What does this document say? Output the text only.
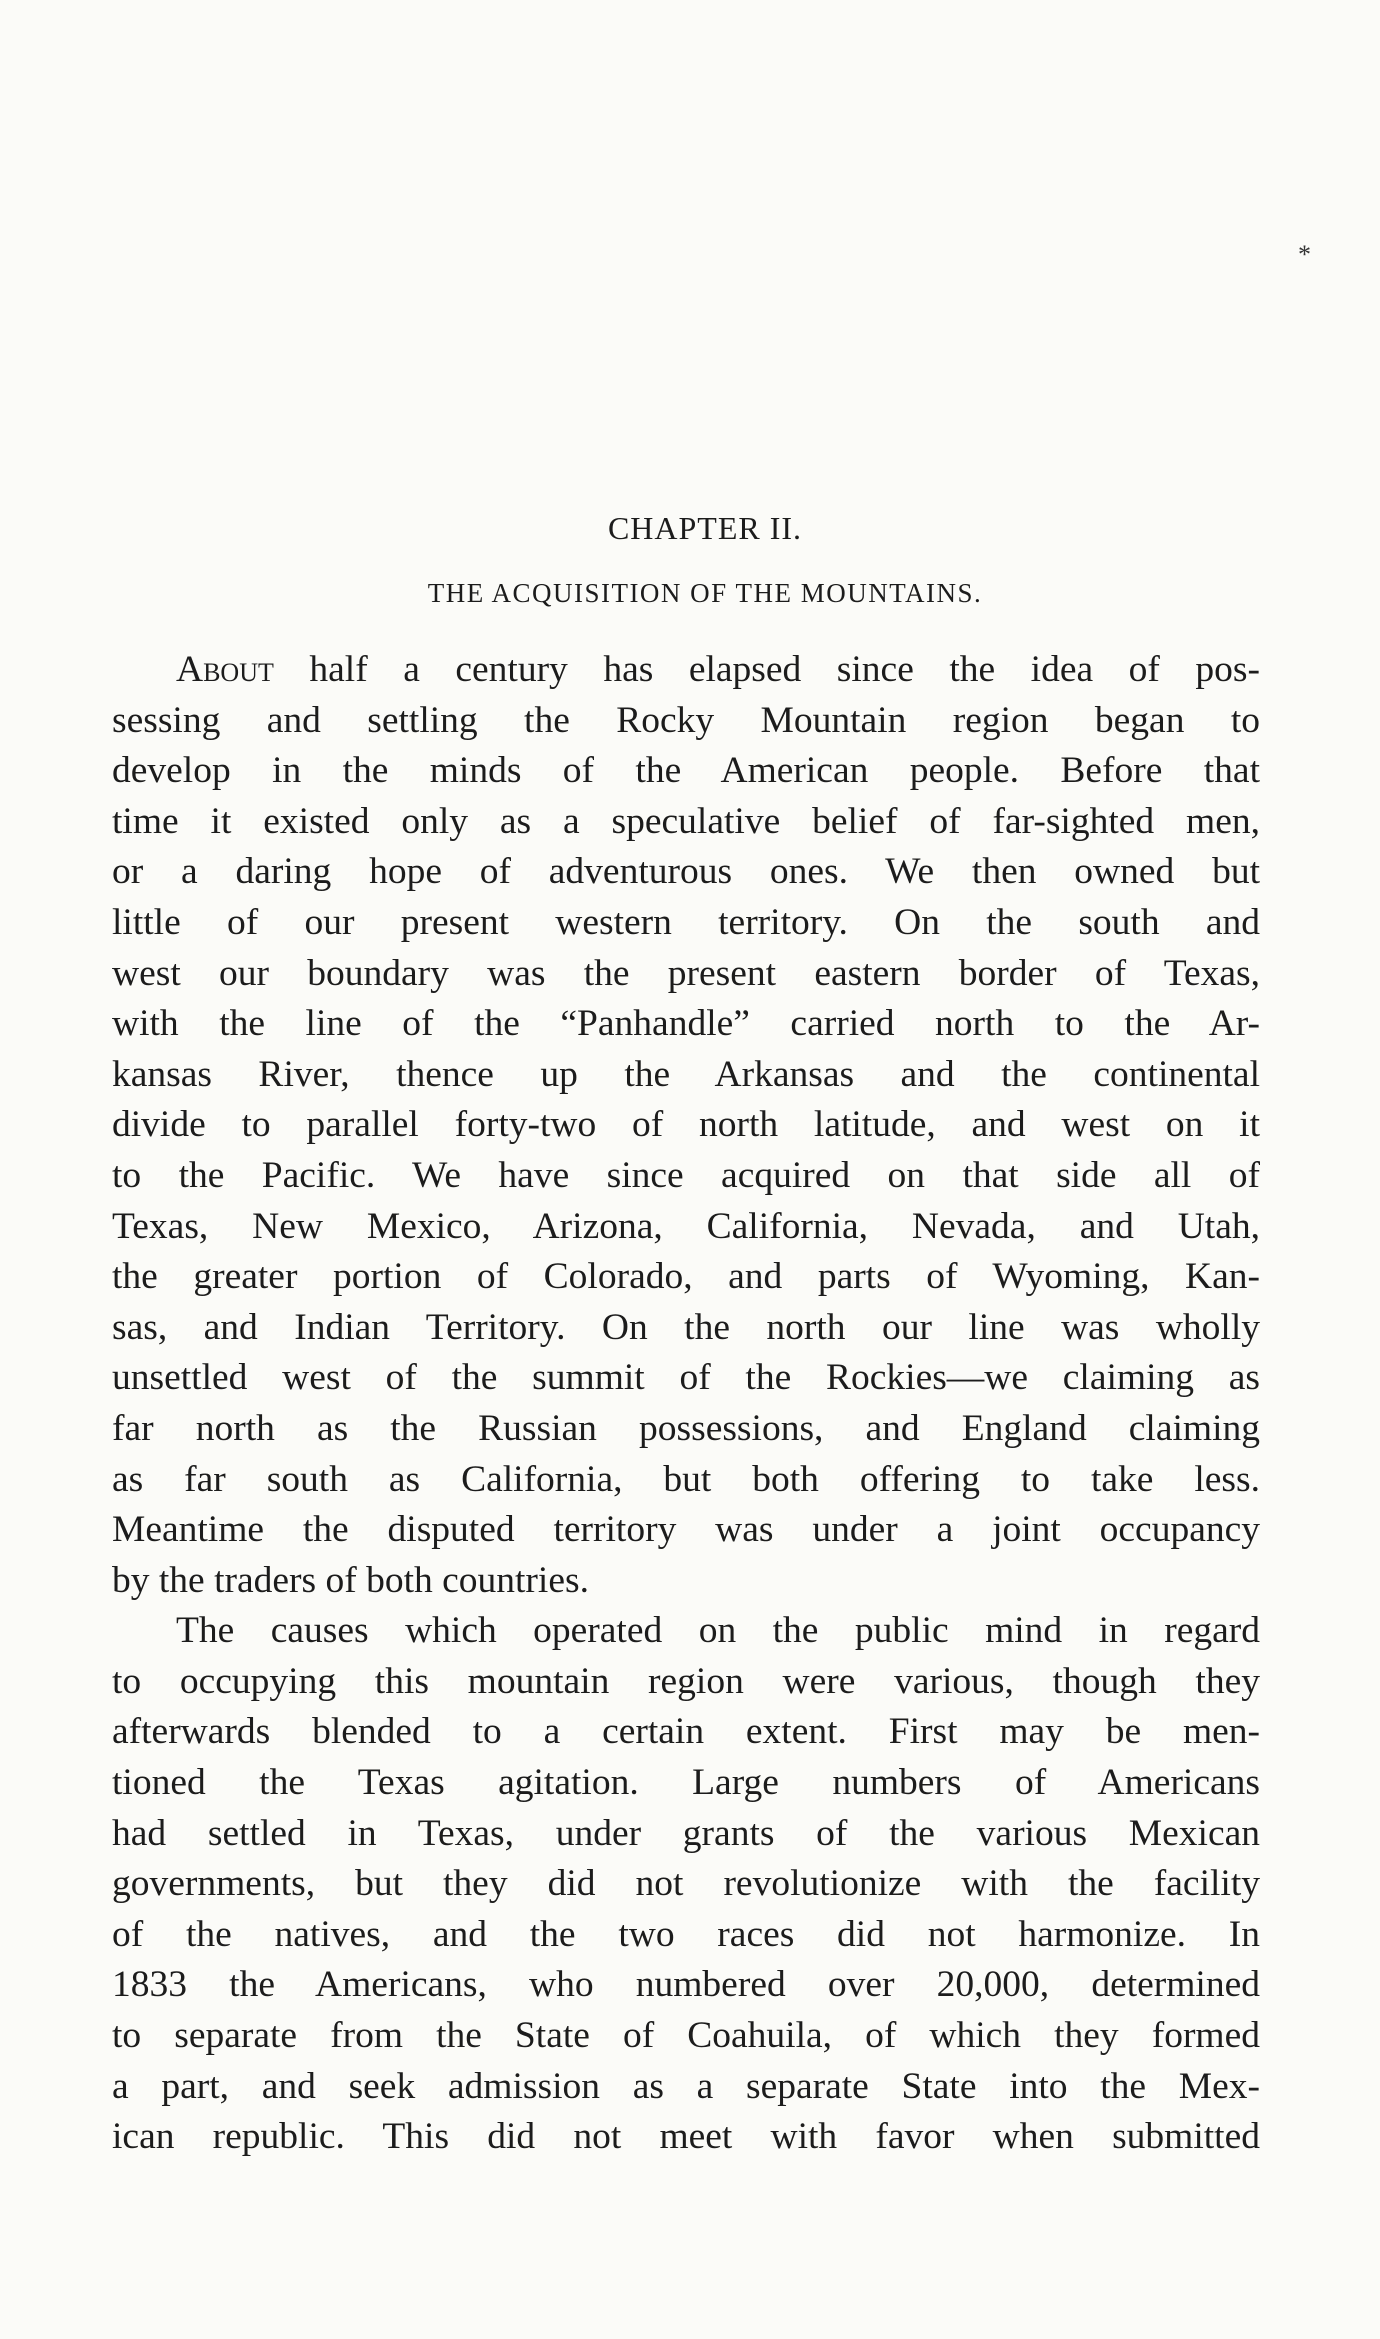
*
CHAPTER II.
THE ACQUISITION OF THE MOUNTAINS.
About half a century has elapsed since the idea of pos-
sessing and settling the Rocky Mountain region began to
develop in the minds of the American people. Before that
time it existed only as a speculative belief of far-sighted men,
or a daring hope of adventurous ones. We then owned but
little of our present western territory. On the south and
west our boundary was the present eastern border of Texas,
with the line of the “Panhandle” carried north to the Ar-
kansas River, thence up the Arkansas and the continental
divide to parallel forty-two of north latitude, and west on it
to the Pacific. We have since acquired on that side all of
Texas, New Mexico, Arizona, California, Nevada, and Utah,
the greater portion of Colorado, and parts of Wyoming, Kan-
sas, and Indian Territory. On the north our line was wholly
unsettled west of the summit of the Rockies—we claiming as
far north as the Russian possessions, and England claiming
as far south as California, but both offering to take less.
Meantime the disputed territory was under a joint occupancy
by the traders of both countries.
The causes which operated on the public mind in regard
to occupying this mountain region were various, though they
afterwards blended to a certain extent. First may be men-
tioned the Texas agitation. Large numbers of Americans
had settled in Texas, under grants of the various Mexican
governments, but they did not revolutionize with the facility
of the natives, and the two races did not harmonize. In
1833 the Americans, who numbered over 20,000, determined
to separate from the State of Coahuila, of which they formed
a part, and seek admission as a separate State into the Mex-
ican republic. This did not meet with favor when submitted
